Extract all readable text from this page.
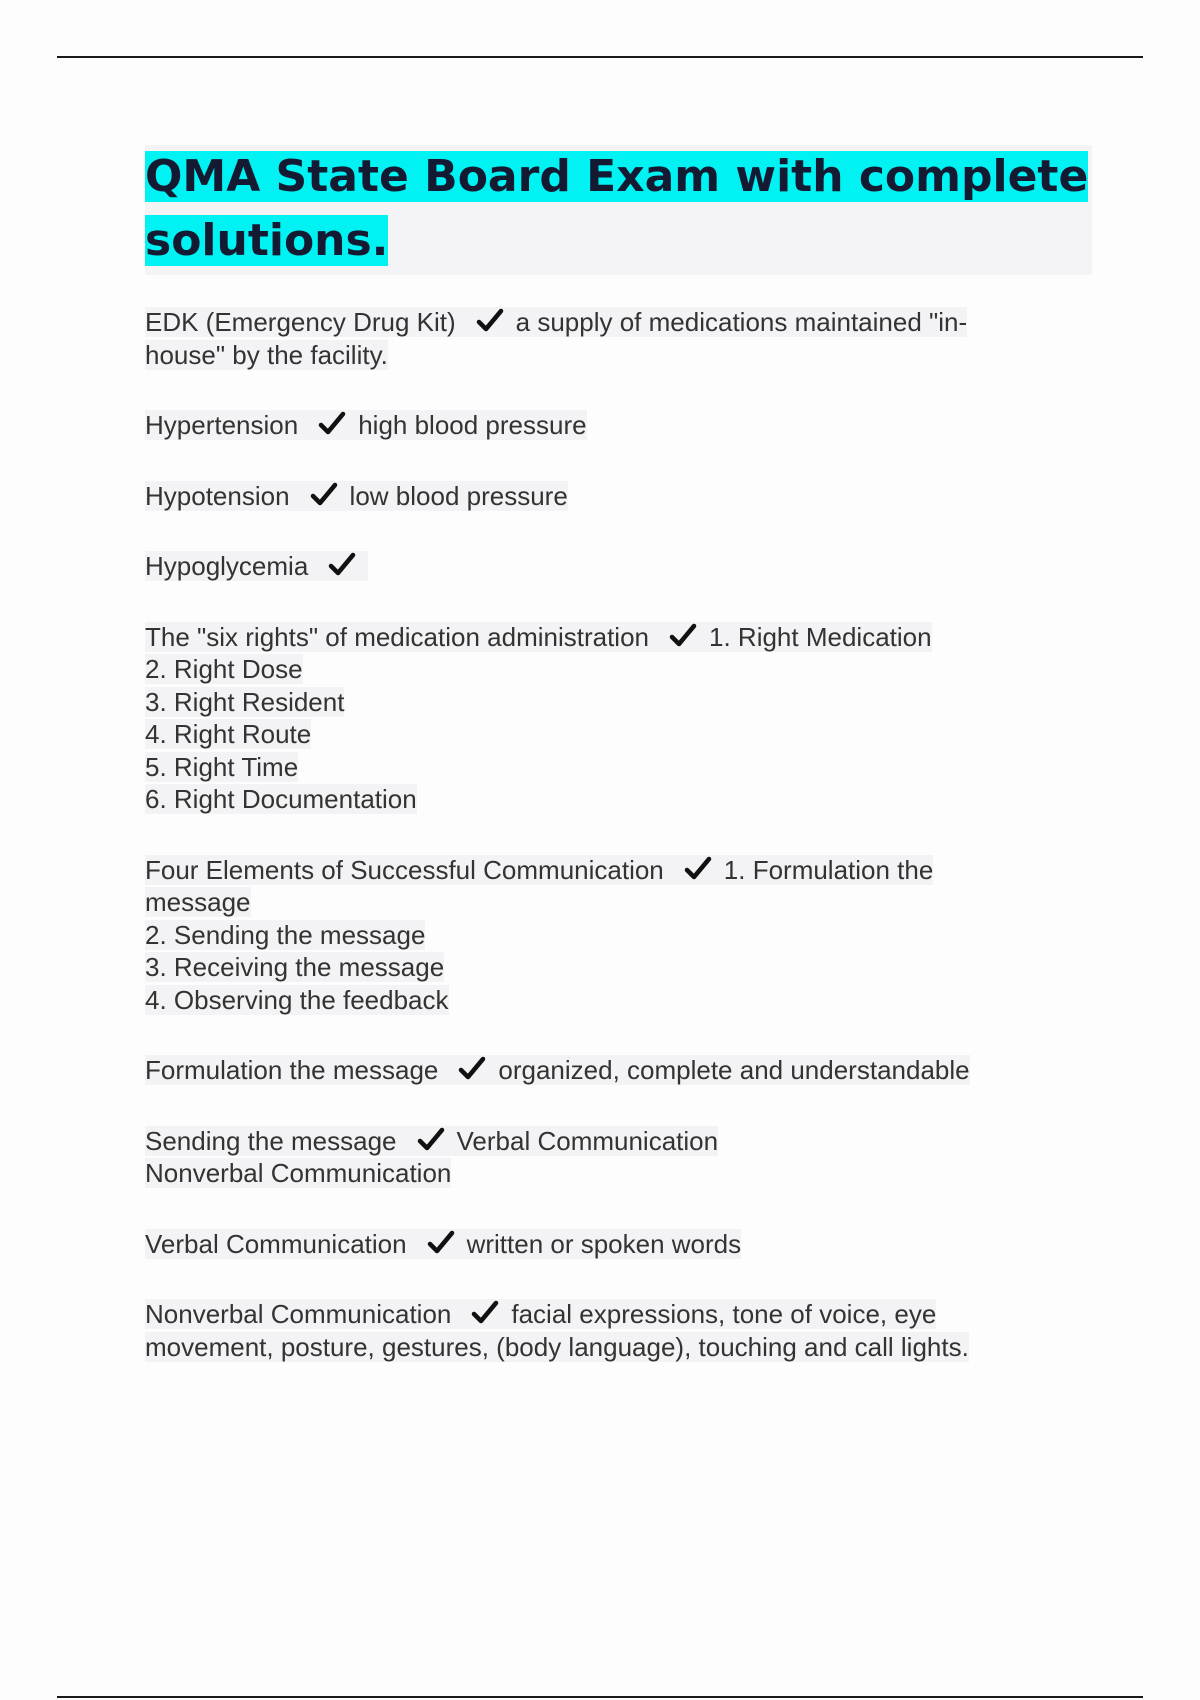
QMA State Board Exam with complete
solutions.
EDK (Emergency Drug Kit) a supply of medications maintained "in-
house" by the facility.
Hypertension high blood pressure
Hypotension low blood pressure
Hypoglycemia
The "six rights" of medication administration 1. Right Medication
2. Right Dose
3. Right Resident
4. Right Route
5. Right Time
6. Right Documentation
Four Elements of Successful Communication 1. Formulation the
message
2. Sending the message
3. Receiving the message
4. Observing the feedback
Formulation the message organized, complete and understandable
Sending the message Verbal Communication
Nonverbal Communication
Verbal Communication written or spoken words
Nonverbal Communication facial expressions, tone of voice, eye
movement, posture, gestures, (body language), touching and call lights.
